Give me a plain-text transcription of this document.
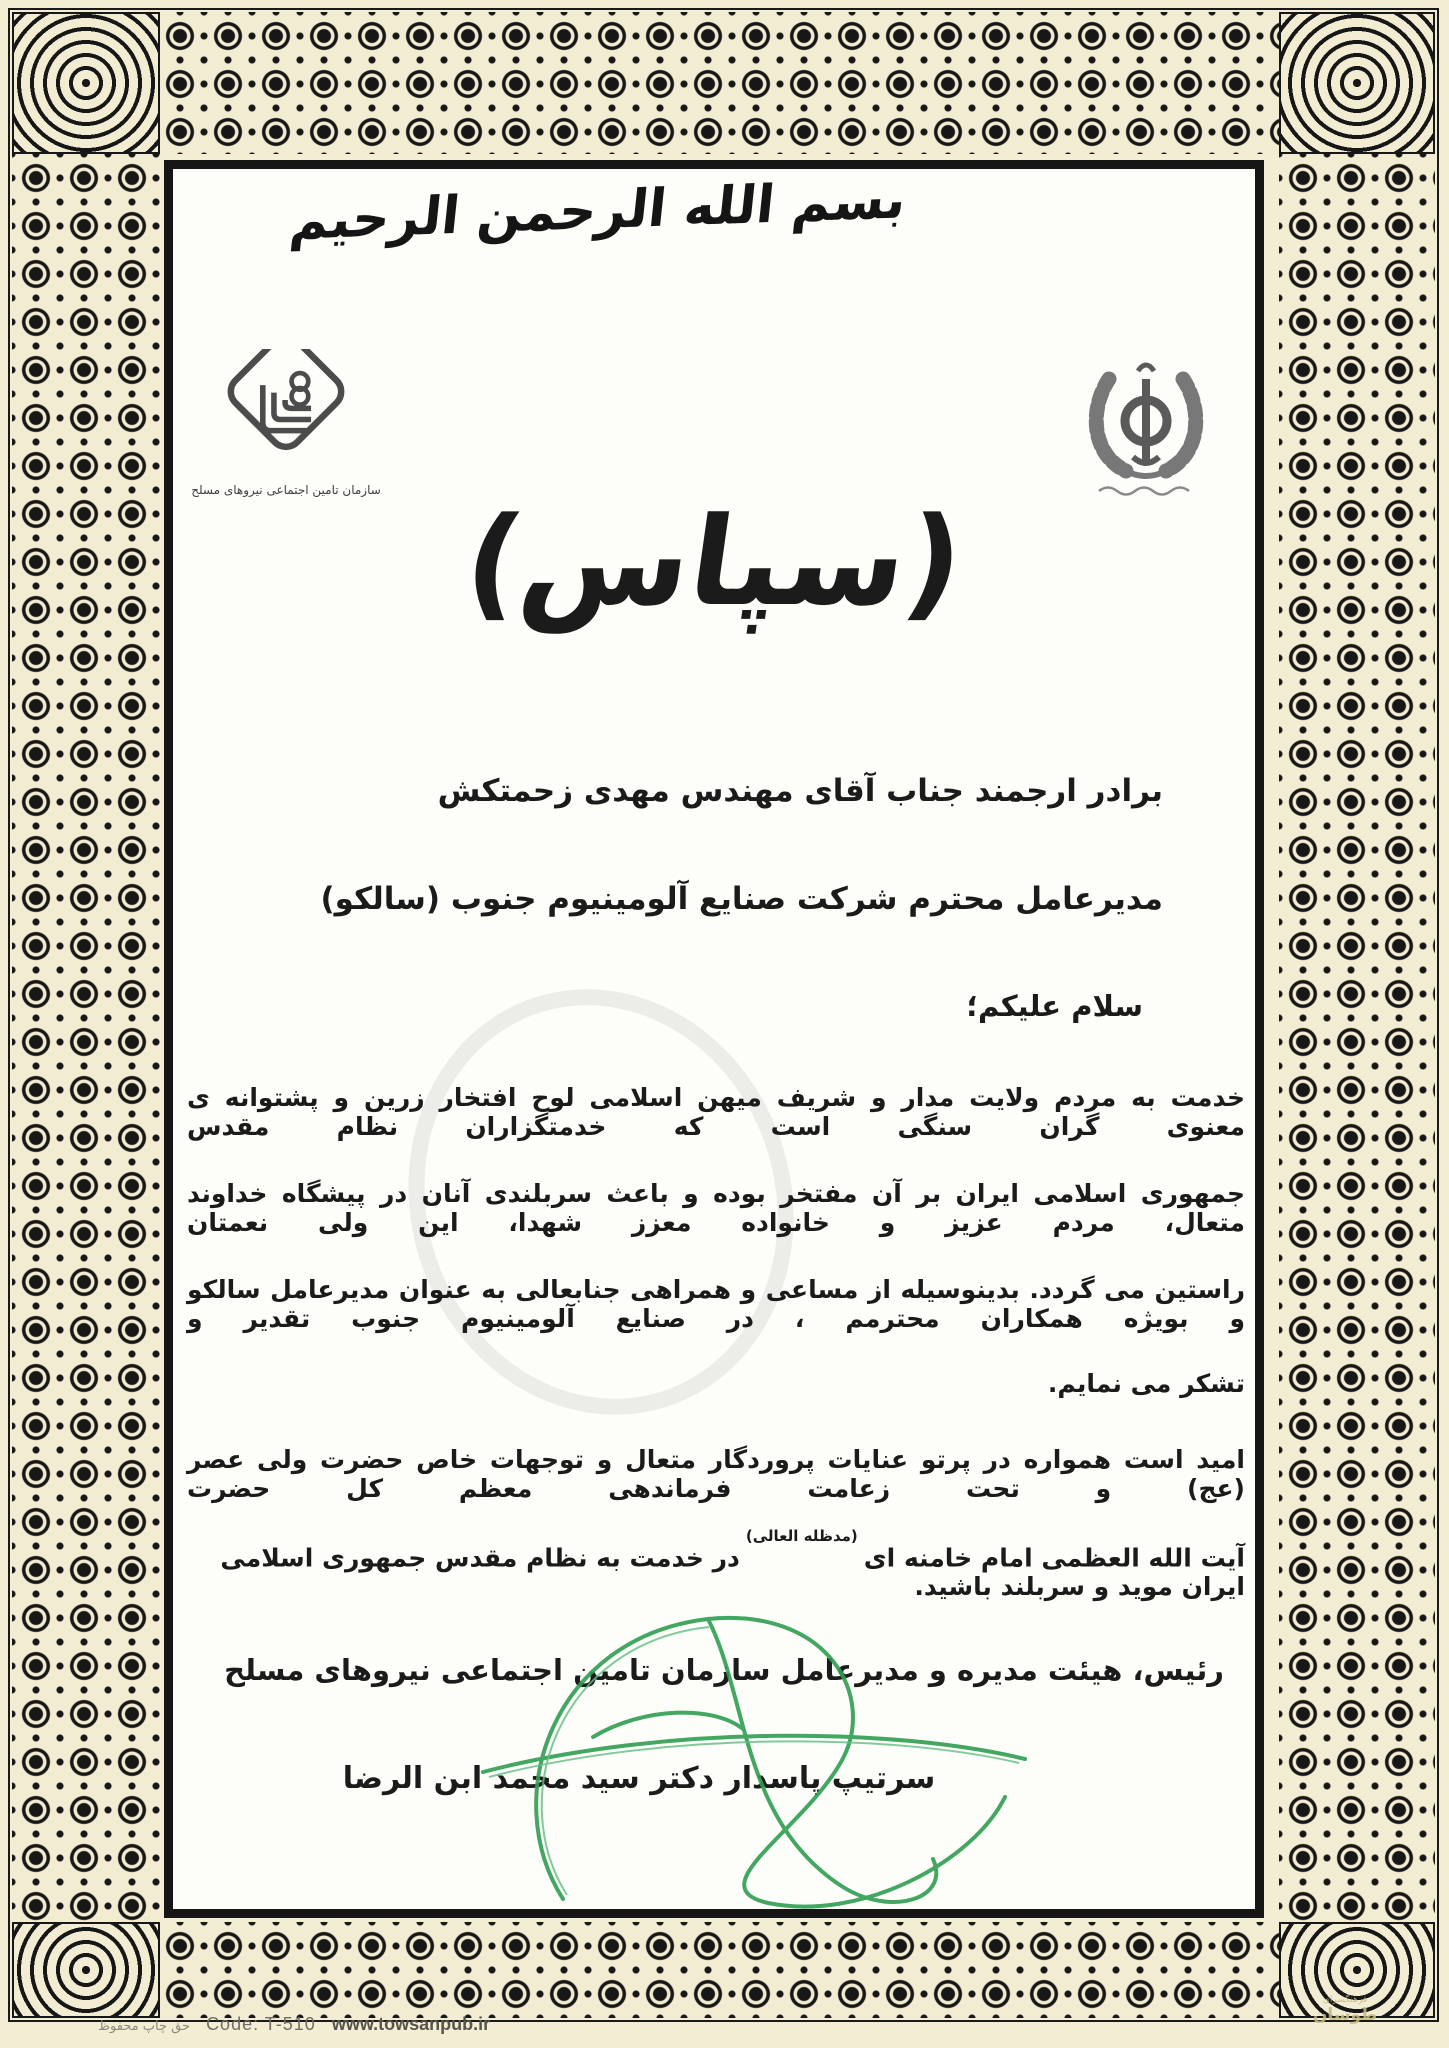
بسم الله الرحمن الرحیم
سازمان تامین اجتماعی نیروهای مسلح
(سپاس)
برادر ارجمند جناب آقای مهندس مهدی زحمتکش
مدیرعامل محترم شرکت صنایع آلومینیوم جنوب (سالکو)
سلام علیکم؛
خدمت به مردم ولایت مدار و شریف میهن اسلامی لوح افتخار زرین و پشتوانه ی معنوی گران سنگی است که خدمتگزاران نظام مقدس
جمهوری اسلامی ایران بر آن مفتخر بوده و باعث سربلندی آنان در پیشگاه خداوند متعال، مردم عزیز و خانواده معزز شهدا، این ولی نعمتان
راستین می گردد. بدینوسیله از مساعی و همراهی جنابعالی به عنوان مدیرعامل سالکو و بویژه همکاران محترمم ، در صنایع آلومینیوم جنوب تقدیر و
تشکر می نمایم.
امید است همواره در پرتو عنایات پروردگار متعال و توجهات خاص حضرت ولی عصر (عج) و تحت زعامت فرماندهی معظم کل حضرت
آیت الله العظمی امام خامنه ای$^{(مدظله العالی)}$در خدمت به نظام مقدس جمهوری اسلامی ایران موید و سربلند باشید.
رئیس، هیئت مدیره و مدیرعامل سازمان تامین اجتماعی نیروهای مسلح
سرتیپ پاسدار دکتر سید محمد ابن الرضا
حق چاپ محفوظ Code: T-510 www.towsanpub.ir
فرهنگسرای
طوسان
